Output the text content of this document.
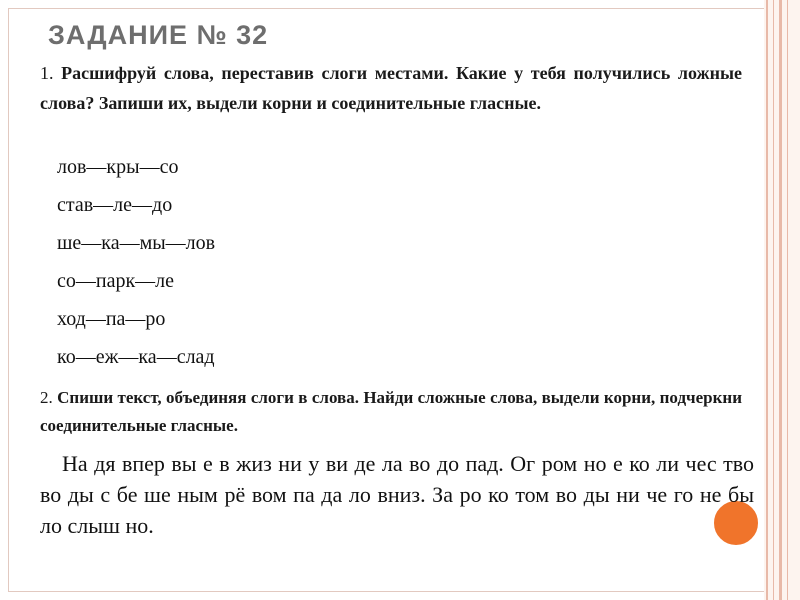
ЗАДАНИЕ № 32

1. Расшифруй слова, переставив слоги местами. Какие у тебя получились ложные слова? Запиши их, выдели корни и соединительные гласные.

лов—кры—со
став—ле—до
ше—ка—мы—лов
со—парк—ле
ход—па—ро
ко—еж—ка—слад

2. Спиши текст, объединяя слоги в слова. Найди сложные слова, выдели корни, подчеркни соединительные гласные.

На дя впер вы е в жиз ни у ви де ла во до пад. Ог ром но е ко ли чес тво во ды с бе ше ным рё вом па да ло вниз. За ро ко том во ды ни че го не бы ло слыш но.
